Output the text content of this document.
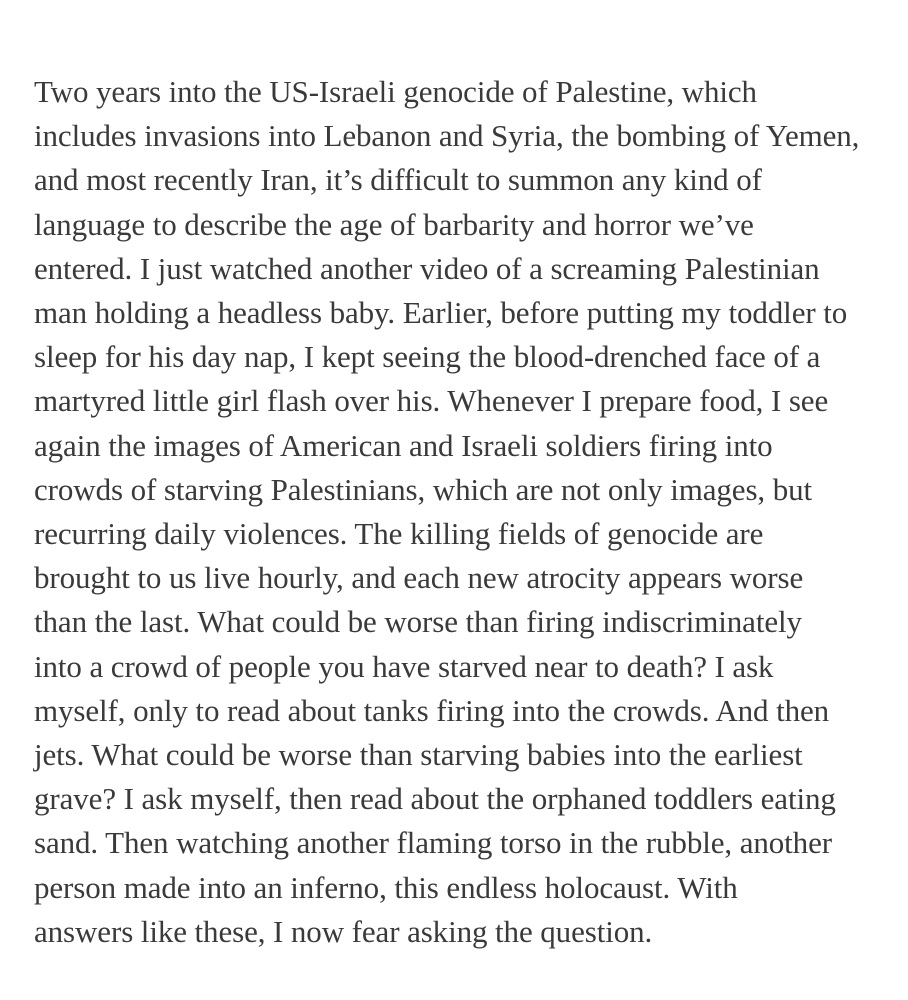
Two years into the US-Israeli genocide of Palestine, which
includes invasions into Lebanon and Syria, the bombing of Yemen,
and most recently Iran, it’s difficult to summon any kind of
language to describe the age of barbarity and horror we’ve
entered. I just watched another video of a screaming Palestinian
man holding a headless baby. Earlier, before putting my toddler to
sleep for his day nap, I kept seeing the blood-drenched face of a
martyred little girl flash over his. Whenever I prepare food, I see
again the images of American and Israeli soldiers firing into
crowds of starving Palestinians, which are not only images, but
recurring daily violences. The killing fields of genocide are
brought to us live hourly, and each new atrocity appears worse
than the last. What could be worse than firing indiscriminately
into a crowd of people you have starved near to death? I ask
myself, only to read about tanks firing into the crowds. And then
jets. What could be worse than starving babies into the earliest
grave? I ask myself, then read about the orphaned toddlers eating
sand. Then watching another flaming torso in the rubble, another
person made into an inferno, this endless holocaust. With
answers like these, I now fear asking the question.
